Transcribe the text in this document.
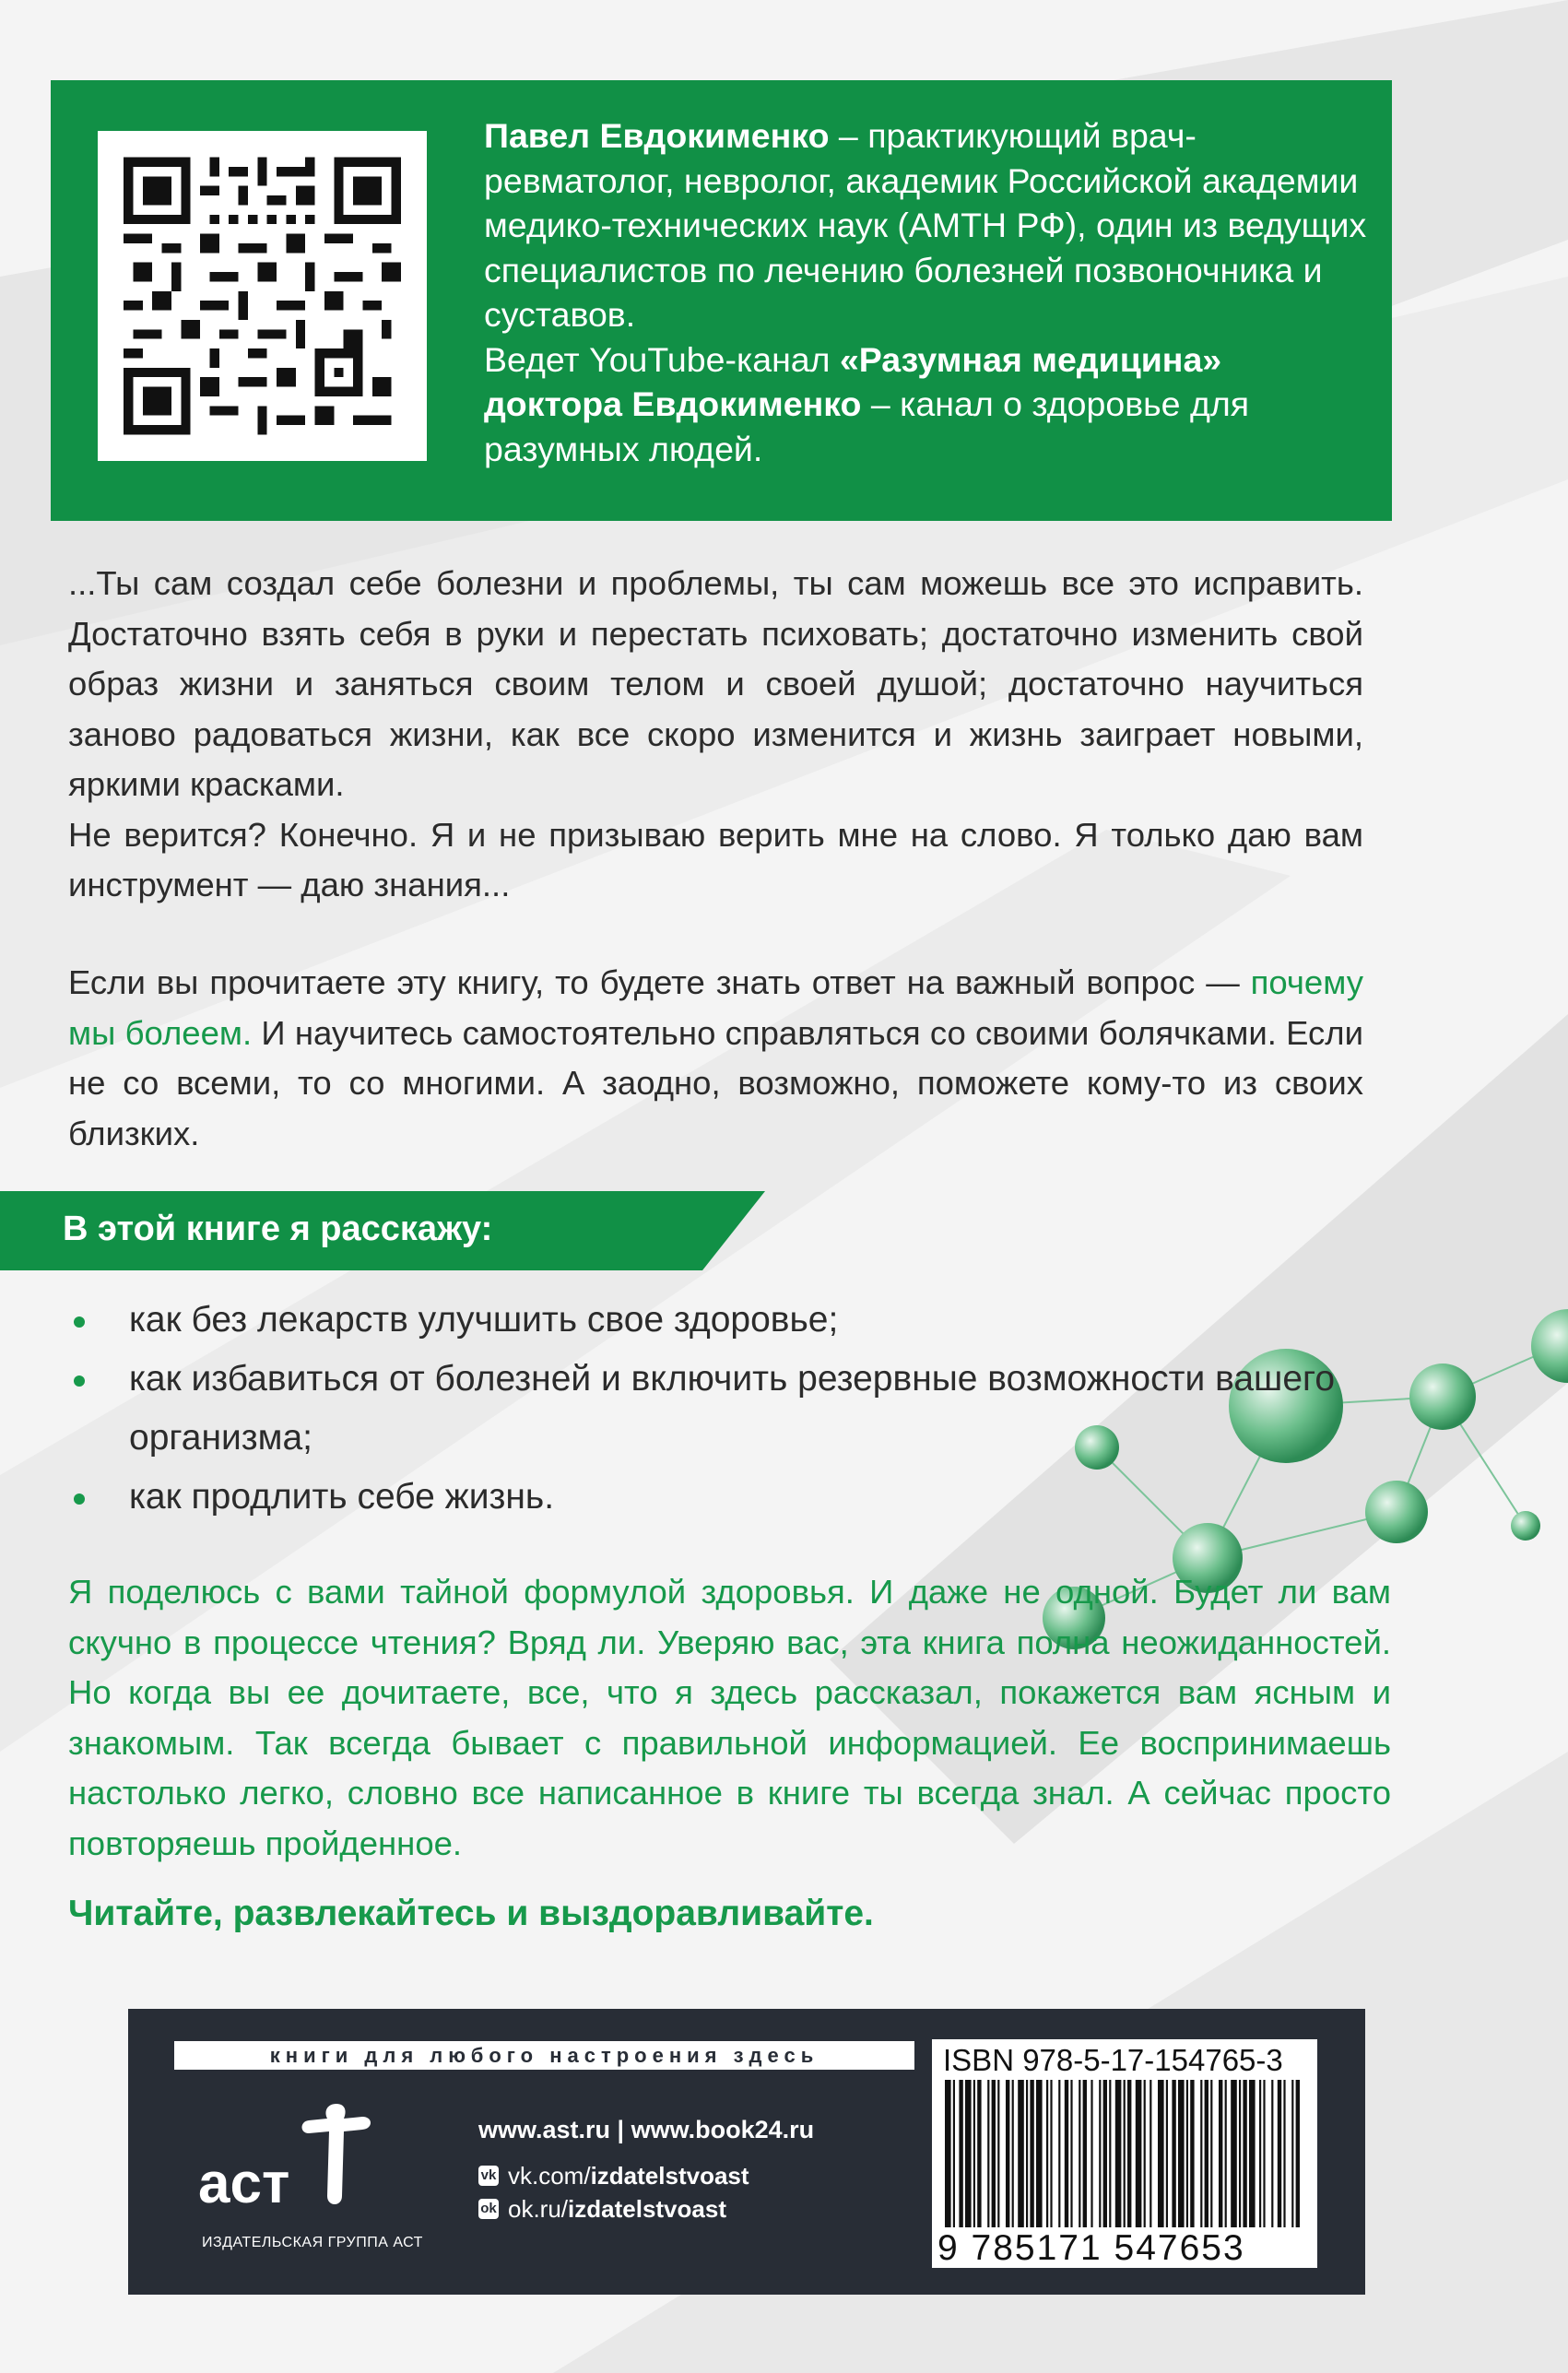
Павел Евдокименко – практикующий врач-ревматолог, невролог, академик Российской академии медико-технических наук (АМТН РФ), один из ведущих специалистов по лечению болезней позвоночника и суставов.
Ведет YouTube-канал «Разумная медицина» доктора Евдокименко – канал о здоровье для разумных людей.

...Ты сам создал себе болезни и проблемы, ты сам можешь все это исправить. Достаточно взять себя в руки и перестать психовать; достаточно изменить свой образ жизни и заняться своим телом и своей душой; достаточно научиться заново радоваться жизни, как все скоро изменится и жизнь заиграет новыми, яркими красками.

Не верится? Конечно. Я и не призываю верить мне на слово. Я только даю вам инструмент — даю знания...

Если вы прочитаете эту книгу, то будете знать ответ на важный вопрос — почему мы болеем. И научитесь самостоятельно справляться со своими болячками. Если не со всеми, то со многими. А заодно, возможно, поможете кому-то из своих близких.

В этой книге я расскажу:
как без лекарств улучшить свое здоровье;
как избавиться от болезней и включить резервные возможности вашего организма;
как продлить себе жизнь.
Я поделюсь с вами тайной формулой здоровья. И даже не одной. Будет ли вам скучно в процессе чтения? Вряд ли. Уверяю вас, эта книга полна неожиданностей. Но когда вы ее дочитаете, все, что я здесь рассказал, покажется вам ясным и знакомым. Так всегда бывает с правильной информацией. Ее воспринимаешь настолько легко, словно все написанное в книге ты всегда знал. А сейчас просто повторяешь пройденное.
Читайте, развлекайтесь и выздоравливайте.
книги для любого настроения здесь
аст
ИЗДАТЕЛЬСКАЯ ГРУППА АСТ
www.ast.ru | www.book24.ru
vk vk.com/ izdatelstvoast
ok ok.ru/ izdatelstvoast
ISBN 978-5-17-154765-3
9 785171 547653
